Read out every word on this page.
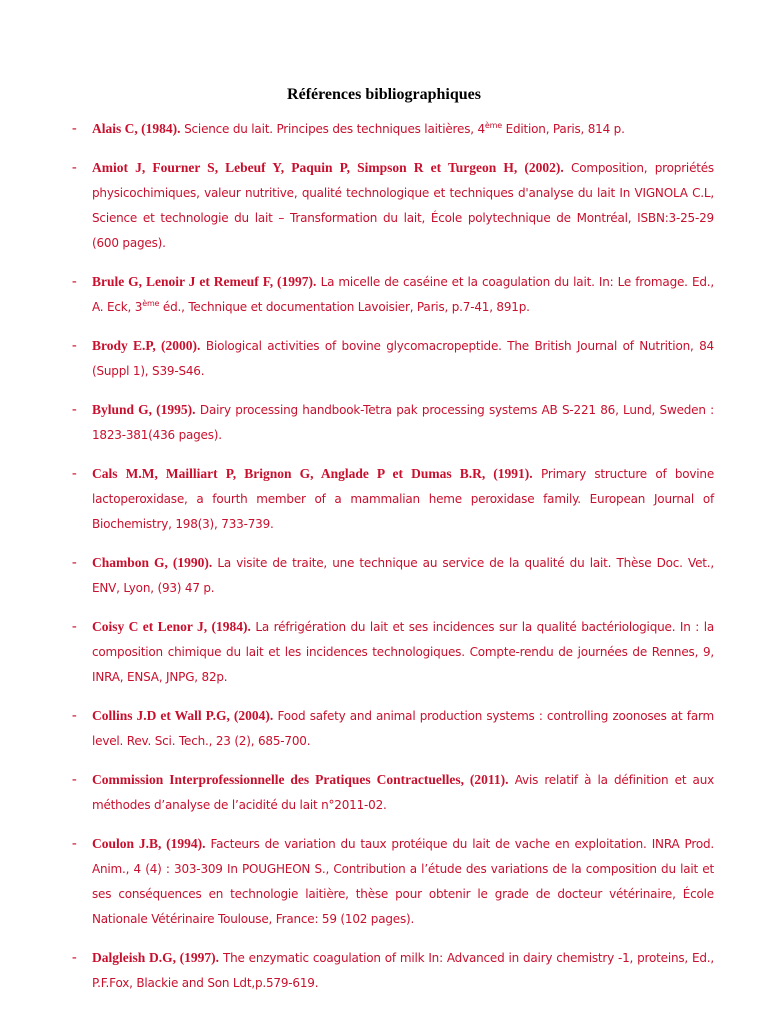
Références bibliographiques
- Alais C, (1984). Science du lait. Principes des techniques laitières, 4ème Edition, Paris, 814 p.
- Amiot J, Fourner S, Lebeuf Y, Paquin P, Simpson R et Turgeon H, (2002). Composition, propriétés physicochimiques, valeur nutritive, qualité technologique et techniques d'analyse du lait In VIGNOLA C.L, Science et technologie du lait – Transformation du lait, École polytechnique de Montréal, ISBN:3-25-29 (600 pages).
- Brule G, Lenoir J et Remeuf F, (1997). La micelle de caséine et la coagulation du lait. In: Le fromage. Ed., A. Eck, 3ème éd., Technique et documentation Lavoisier, Paris, p.7-41, 891p.
- Brody E.P, (2000). Biological activities of bovine glycomacropeptide. The British Journal of Nutrition, 84 (Suppl 1), S39-S46.
- Bylund G, (1995). Dairy processing handbook-Tetra pak processing systems AB S-221 86, Lund, Sweden : 1823-381(436 pages).
- Cals M.M, Mailliart P, Brignon G, Anglade P et Dumas B.R, (1991). Primary structure of bovine lactoperoxidase, a fourth member of a mammalian heme peroxidase family. European Journal of Biochemistry, 198(3), 733-739.
- Chambon G, (1990). La visite de traite, une technique au service de la qualité du lait. Thèse Doc. Vet., ENV, Lyon, (93) 47 p.
- Coisy C et Lenor J, (1984). La réfrigération du lait et ses incidences sur la qualité bactériologique. In : la composition chimique du lait et les incidences technologiques. Compte-rendu de journées de Rennes, 9, INRA, ENSA, JNPG, 82p.
- Collins J.D et Wall P.G, (2004). Food safety and animal production systems : controlling zoonoses at farm level. Rev. Sci. Tech., 23 (2), 685-700.
- Commission Interprofessionnelle des Pratiques Contractuelles, (2011). Avis relatif à la définition et aux méthodes d’analyse de l’acidité du lait n°2011-02.
- Coulon J.B, (1994). Facteurs de variation du taux protéique du lait de vache en exploitation. INRA Prod. Anim., 4 (4) : 303-309 In POUGHEON S., Contribution a l’étude des variations de la composition du lait et ses conséquences en technologie laitière, thèse pour obtenir le grade de docteur vétérinaire, École Nationale Vétérinaire Toulouse, France: 59 (102 pages).
- Dalgleish D.G, (1997). The enzymatic coagulation of milk In: Advanced in dairy chemistry -1, proteins, Ed., P.F.Fox, Blackie and Son Ldt,p.579-619.
